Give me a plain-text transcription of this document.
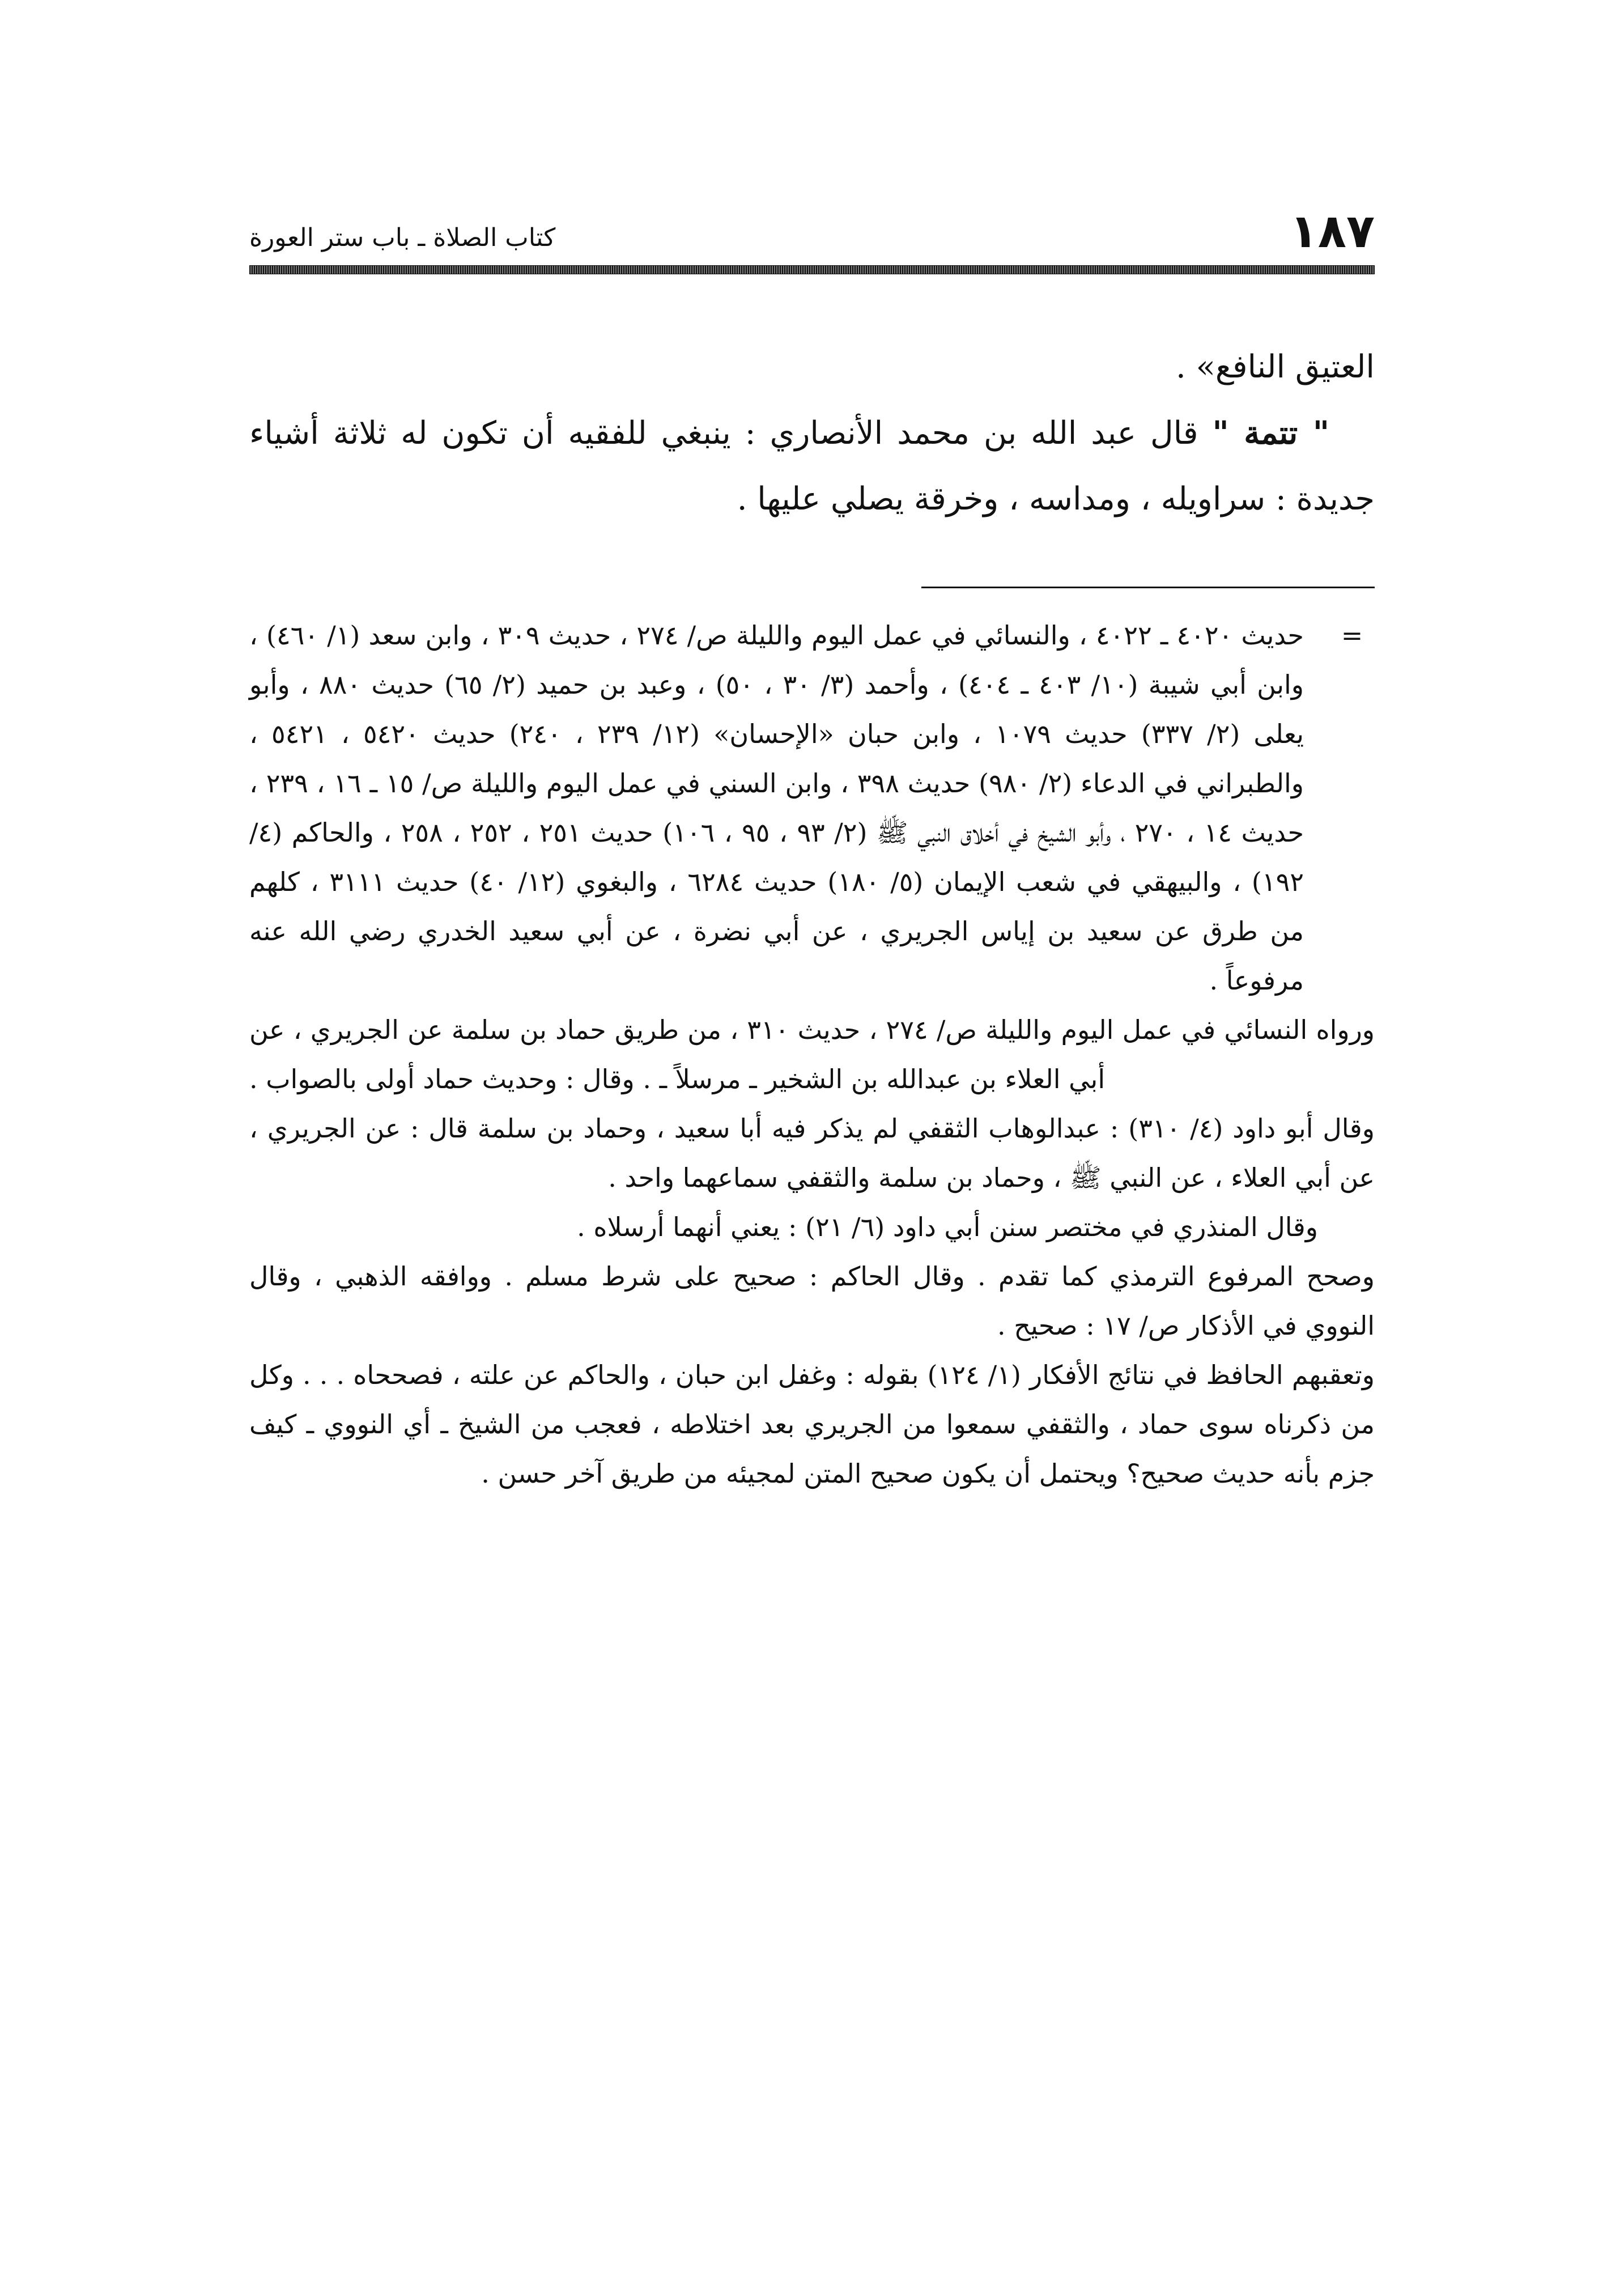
١٨٧
كتاب الصلاة ـ باب ستر العورة

العتيق النافع» .

" تتمة " قال عبد الله بن محمد الأنصاري : ينبغي للفقيه أن تكون له ثلاثة أشياء جديدة : سراويله ، ومداسه ، وخرقة يصلي عليها .

=
حديث ٤٠٢٠ ـ ٤٠٢٢ ، والنسائي في عمل اليوم والليلة ص/ ٢٧٤ ، حديث ٣٠٩ ، وابن سعد (١/ ٤٦٠) ، وابن أبي شيبة (١٠/ ٤٠٣ ـ ٤٠٤) ، وأحمد (٣/ ٣٠ ، ٥٠) ، وعبد بن حميد (٢/ ٦٥) حديث ٨٨٠ ، وأبو يعلى (٢/ ٣٣٧) حديث ١٠٧٩ ، وابن حبان «الإحسان» (١٢/ ٢٣٩ ، ٢٤٠) حديث ٥٤٢٠ ، ٥٤٢١ ، والطبراني في الدعاء (٢/ ٩٨٠) حديث ٣٩٨ ، وابن السني في عمل اليوم والليلة ص/ ١٥ ـ ١٦ ، ٢٣٩ ، حديث ١٤ ، ٢٧٠ ، وأبو الشيخ في أخلاق النبي ﷺ (٢/ ٩٣ ، ٩٥ ، ١٠٦) حديث ٢٥١ ، ٢٥٢ ، ٢٥٨ ، والحاكم (٤/ ١٩٢) ، والبيهقي في شعب الإيمان (٥/ ١٨٠) حديث ٦٢٨٤ ، والبغوي (١٢/ ٤٠) حديث ٣١١١ ، كلهم من طرق عن سعيد بن إياس الجريري ، عن أبي نضرة ، عن أبي سعيد الخدري رضي الله عنه مرفوعاً .

ورواه النسائي في عمل اليوم والليلة ص/ ٢٧٤ ، حديث ٣١٠ ، من طريق حماد بن سلمة عن الجريري ، عن أبي العلاء بن عبدالله بن الشخير ـ مرسلاً ـ . وقال : وحديث حماد أولى بالصواب .

وقال أبو داود (٤/ ٣١٠) : عبدالوهاب الثقفي لم يذكر فيه أبا سعيد ، وحماد بن سلمة قال : عن الجريري ، عن أبي العلاء ، عن النبي ﷺ ، وحماد بن سلمة والثقفي سماعهما واحد .

وقال المنذري في مختصر سنن أبي داود (٦/ ٢١) : يعني أنهما أرسلاه .

وصحح المرفوع الترمذي كما تقدم . وقال الحاكم : صحيح على شرط مسلم . ووافقه الذهبي ، وقال النووي في الأذكار ص/ ١٧ : صحيح .

وتعقبهم الحافظ في نتائج الأفكار (١/ ١٢٤) بقوله : وغفل ابن حبان ، والحاكم عن علته ، فصححاه . . . وكل من ذكرناه سوى حماد ، والثقفي سمعوا من الجريري بعد اختلاطه ، فعجب من الشيخ ـ أي النووي ـ كيف جزم بأنه حديث صحيح؟ ويحتمل أن يكون صحيح المتن لمجيئه من طريق آخر حسن .
